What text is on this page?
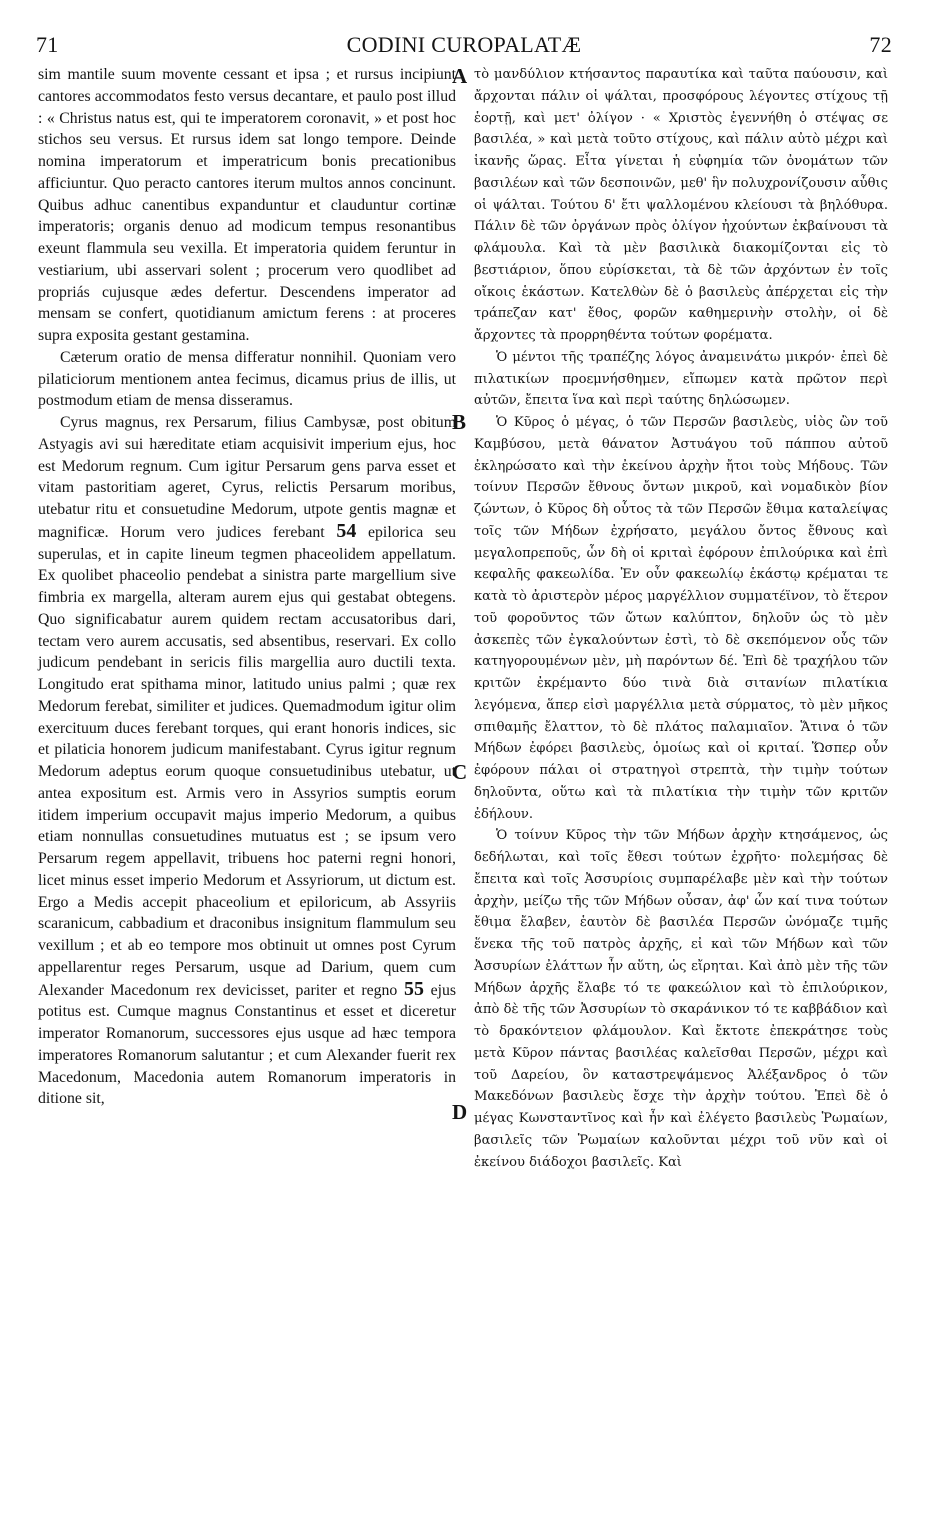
71	CODINI CUROPALATÆ	72

sim mantile suum movente cessant et ipsa ; et rursus incipiunt cantores accommodatos festo versus decantare, et paulo post illud : « Christus natus est, qui te imperatorem coronavit, » et post hoc stichos seu versus. Et rursus idem sat longo tempore. Deinde nomina imperatorum et imperatricum bonis precationibus afficiuntur. Quo peracto cantores iterum multos annos concinunt. Quibus adhuc canentibus expanduntur et clauduntur cortinæ imperatoris; organis denuo ad modicum tempus resonantibus exeunt flammula seu vexilla. Et imperatoria quidem feruntur in vestiarium, ubi asservari solent ; procerum vero quodlibet ad propriás cujusque ædes defertur. Descendens imperator ad mensam se confert, quotidianum amictum ferens : at proceres supra exposita gestant gestamina.

Cæterum oratio de mensa differatur nonnihil. Quoniam vero pilaticiorum mentionem antea fecimus, dicamus prius de illis, ut postmodum etiam de mensa disseramus.

Cyrus magnus, rex Persarum, filius Cambysæ, post obitum Astyagis avi sui hæreditate etiam acquisivit imperium ejus, hoc est Medorum regnum. Cum igitur Persarum gens parva esset et vitam pastoritiam ageret, Cyrus, relictis Persarum moribus, utebatur ritu et consuetudine Medorum, utpote gentis magnæ et magnificæ. Horum vero judices ferebant 54 epilorica seu superulas, et in capite lineum tegmen phaceolidem appellatum. Ex quolibet phaceolio pendebat a sinistra parte margellium sive fimbria ex margella, alteram aurem ejus qui gestabat obtegens. Quo significabatur aurem quidem rectam accusatoribus dari, tectam vero aurem accusatis, sed absentibus, reservari. Ex collo judicum pendebant in sericis filis margellia auro ductili texta. Longitudo erat spithama minor, latitudo unius palmi ; quæ rex Medorum ferebat, similiter et judices. Quemadmodum igitur olim exercituum duces ferebant torques, qui erant honoris indices, sic et pilaticia honorem judicum manifestabant. Cyrus igitur regnum Medorum adeptus eorum quoque consuetudinibus utebatur, ut antea expositum est. Armis vero in Assyrios sumptis eorum itidem imperium occupavit majus imperio Medorum, a quibus etiam nonnullas consuetudines mutuatus est ; se ipsum vero Persarum regem appellavit, tribuens hoc paterni regni honori, licet minus esset imperio Medorum et Assyriorum, ut dictum est. Ergo a Medis accepit phaceolium et epiloricum, ab Assyriis scaranicum, cabbadium et draconibus insignitum flammulum seu vexillum ; et ab eo tempore mos obtinuit ut omnes post Cyrum appellarentur reges Persarum, usque ad Darium, quem cum Alexander Macedonum rex devicisset, pariter et regno 55 ejus potitus est. Cumque magnus Constantinus et esset et diceretur imperator Romanorum, successores ejus usque ad hæc tempora imperatores Romanorum salutantur ; et cum Alexander fuerit rex Macedonum, Macedonia autem Romanorum imperatoris in ditione sit,

A
B
C
D

τὸ μανδύλιον κτήσαντος παραυτίκα καὶ ταῦτα παύουσιν, καὶ ἄρχονται πάλιν οἱ ψάλται, προσφόρους λέγοντες στίχους τῇ ἑορτῇ, καὶ μετ' ὀλίγον · « Χριστὸς ἐγεννήθη ὁ στέψας σε βασιλέα, » καὶ μετὰ τοῦτο στίχους, καὶ πάλιν αὐτὸ μέχρι καὶ ἱκανῆς ὥρας. Εἶτα γίνεται ἡ εὐφημία τῶν ὀνομάτων τῶν βασιλέων καὶ τῶν δεσποινῶν, μεθ' ἣν πολυχρονίζουσιν αὖθις οἱ ψάλται. Τούτου δ' ἔτι ψαλλομένου κλείουσι τὰ βηλόθυρα. Πάλιν δὲ τῶν ὀργάνων πρὸς ὀλίγον ἠχούντων ἐκβαίνουσι τὰ φλάμουλα. Καὶ τὰ μὲν βασιλικὰ διακομίζονται εἰς τὸ βεστιάριον, ὅπου εὑρίσκεται, τὰ δὲ τῶν ἀρχόντων ἐν τοῖς οἴκοις ἑκάστων. Κατελθὼν δὲ ὁ βασιλεὺς ἀπέρχεται εἰς τὴν τράπεζαν κατ' ἔθος, φορῶν καθημερινὴν στολὴν, οἱ δὲ ἄρχοντες τὰ προρρηθέντα τούτων φορέματα.

Ὁ μέντοι τῆς τραπέζης λόγος ἀναμεινάτω μικρόν· ἐπεὶ δὲ πιλατικίων προεμνήσθημεν, εἴπωμεν κατὰ πρῶτον περὶ αὐτῶν, ἔπειτα ἵνα καὶ περὶ ταύτης δηλώσωμεν.

Ὁ Κῦρος ὁ μέγας, ὁ τῶν Περσῶν βασιλεὺς, υἱὸς ὢν τοῦ Καμβύσου, μετὰ θάνατον Ἀστυάγου τοῦ πάππου αὐτοῦ ἐκληρώσατο καὶ τὴν ἐκείνου ἀρχὴν ἤτοι τοὺς Μήδους. Τῶν τοίνυν Περσῶν ἔθνους ὄντων μικροῦ, καὶ νομαδικὸν βίον ζώντων, ὁ Κῦρος δὴ οὗτος τὰ τῶν Περσῶν ἔθιμα καταλείψας τοῖς τῶν Μήδων ἐχρήσατο, μεγάλου ὄντος ἔθνους καὶ μεγαλοπρεποῦς, ὧν δὴ οἱ κριταὶ ἐφόρουν ἐπιλούρικα καὶ ἐπὶ κεφαλῆς φακεωλίδα. Ἐν οὖν φακεωλίῳ ἑκάστῳ κρέμαται τε κατὰ τὸ ἀριστερὸν μέρος μαργέλλιον συμματέϊνον, τὸ ἕτερον τοῦ φοροῦντος τῶν ὤτων καλύπτον, δηλοῦν ὡς τὸ μὲν ἀσκεπὲς τῶν ἐγκαλούντων ἐστὶ, τὸ δὲ σκεπόμενον οὖς τῶν κατηγορουμένων μὲν, μὴ παρόντων δέ. Ἐπὶ δὲ τραχήλου τῶν κριτῶν ἐκρέμαντο δύο τινὰ διὰ σιτανίων πιλατίκια λεγόμενα, ἅπερ εἰσὶ μαργέλλια μετὰ σύρματος, τὸ μὲν μῆκος σπιθαμῆς ἔλαττον, τὸ δὲ πλάτος παλαμιαῖον. Ἅτινα ὁ τῶν Μήδων ἐφόρει βασιλεὺς, ὁμοίως καὶ οἱ κριταί. Ὥσπερ οὖν ἐφόρουν πάλαι οἱ στρατηγοὶ στρεπτὰ, τὴν τιμὴν τούτων δηλοῦντα, οὕτω καὶ τὰ πιλατίκια τὴν τιμὴν τῶν κριτῶν ἐδήλουν.

Ὁ τοίνυν Κῦρος τὴν τῶν Μήδων ἀρχὴν κτησάμενος, ὡς δεδήλωται, καὶ τοῖς ἔθεσι τούτων ἐχρῆτο· πολεμήσας δὲ ἔπειτα καὶ τοῖς Ἀσσυρίοις συμπαρέλαβε μὲν καὶ τὴν τούτων ἀρχὴν, μείζω τῆς τῶν Μήδων οὖσαν, ἀφ' ὧν καί τινα τούτων ἔθιμα ἔλαβεν, ἑαυτὸν δὲ βασιλέα Περσῶν ὠνόμαζε τιμῆς ἕνεκα τῆς τοῦ πατρὸς ἀρχῆς, εἰ καὶ τῶν Μήδων καὶ τῶν Ἀσσυρίων ἐλάττων ἦν αὕτη, ὡς εἴρηται. Καὶ ἀπὸ μὲν τῆς τῶν Μήδων ἀρχῆς ἔλαβε τό τε φακεώλιον καὶ τὸ ἐπιλούρικον, ἀπὸ δὲ τῆς τῶν Ἀσσυρίων τὸ σκαράνικον τό τε καββάδιον καὶ τὸ δρακόντειον φλάμουλον. Καὶ ἔκτοτε ἐπεκράτησε τοὺς μετὰ Κῦρον πάντας βασιλέας καλεῖσθαι Περσῶν, μέχρι καὶ τοῦ Δαρείου, ὃν καταστρεψάμενος Ἀλέξανδρος ὁ τῶν Μακεδόνων βασιλεὺς ἔσχε τὴν ἀρχὴν τούτου. Ἐπεὶ δὲ ὁ μέγας Κωνσταντῖνος καὶ ἦν καὶ ἐλέγετο βασιλεὺς Ῥωμαίων, βασιλεῖς τῶν Ῥωμαίων καλοῦνται μέχρι τοῦ νῦν καὶ οἱ ἐκείνου διάδοχοι βασιλεῖς. Καὶ
